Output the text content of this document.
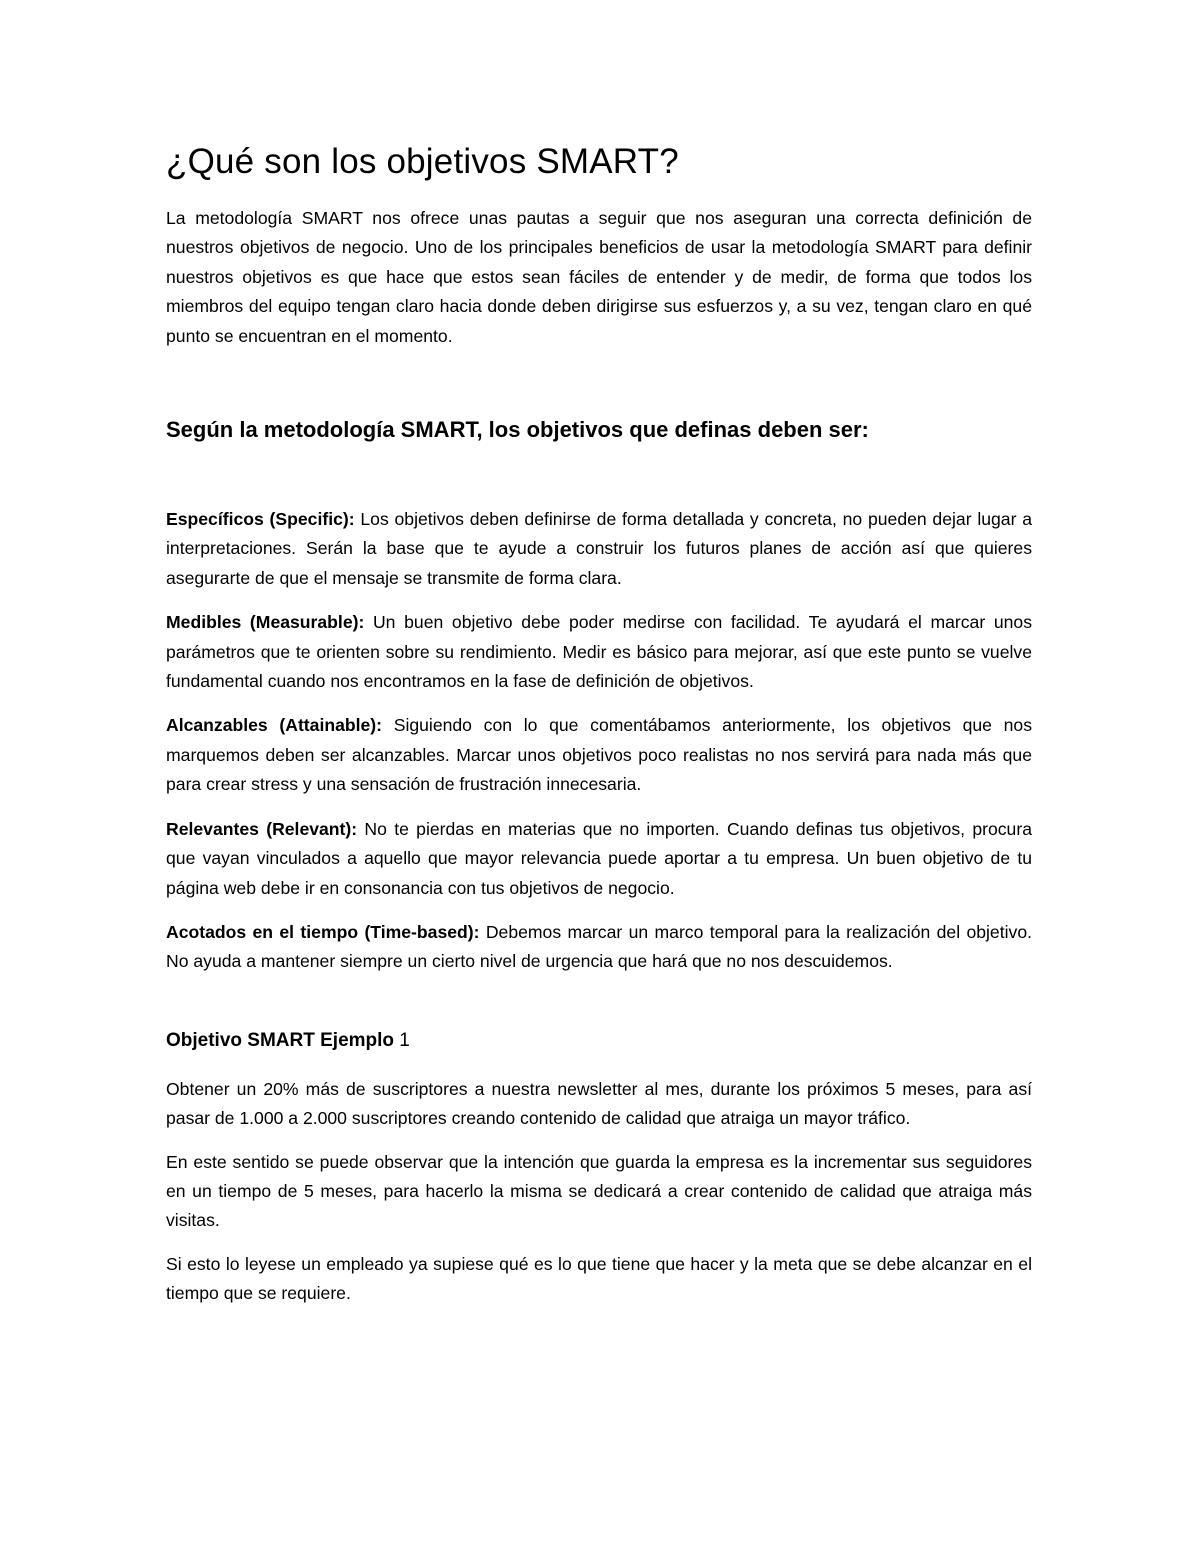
¿Qué son los objetivos SMART?

La metodología SMART nos ofrece unas pautas a seguir que nos aseguran una correcta definición de nuestros objetivos de negocio. Uno de los principales beneficios de usar la metodología SMART para definir nuestros objetivos es que hace que estos sean fáciles de entender y de medir, de forma que todos los miembros del equipo tengan claro hacia donde deben dirigirse sus esfuerzos y, a su vez, tengan claro en qué punto se encuentran en el momento.

Según la metodología SMART, los objetivos que definas deben ser:

Específicos (Specific): Los objetivos deben definirse de forma detallada y concreta, no pueden dejar lugar a interpretaciones. Serán la base que te ayude a construir los futuros planes de acción así que quieres asegurarte de que el mensaje se transmite de forma clara.

Medibles (Measurable): Un buen objetivo debe poder medirse con facilidad. Te ayudará el marcar unos parámetros que te orienten sobre su rendimiento. Medir es básico para mejorar, así que este punto se vuelve fundamental cuando nos encontramos en la fase de definición de objetivos.

Alcanzables (Attainable): Siguiendo con lo que comentábamos anteriormente, los objetivos que nos marquemos deben ser alcanzables. Marcar unos objetivos poco realistas no nos servirá para nada más que para crear stress y una sensación de frustración innecesaria.

Relevantes (Relevant): No te pierdas en materias que no importen. Cuando definas tus objetivos, procura que vayan vinculados a aquello que mayor relevancia puede aportar a tu empresa. Un buen objetivo de tu página web debe ir en consonancia con tus objetivos de negocio.

Acotados en el tiempo (Time-based): Debemos marcar un marco temporal para la realización del objetivo. No ayuda a mantener siempre un cierto nivel de urgencia que hará que no nos descuidemos.

Objetivo SMART Ejemplo 1

Obtener un 20% más de suscriptores a nuestra newsletter al mes, durante los próximos 5 meses, para así pasar de 1.000 a 2.000 suscriptores creando contenido de calidad que atraiga un mayor tráfico.

En este sentido se puede observar que la intención que guarda la empresa es la incrementar sus seguidores en un tiempo de 5 meses, para hacerlo la misma se dedicará a crear contenido de calidad que atraiga más visitas.

Si esto lo leyese un empleado ya supiese qué es lo que tiene que hacer y la meta que se debe alcanzar en el tiempo que se requiere.
